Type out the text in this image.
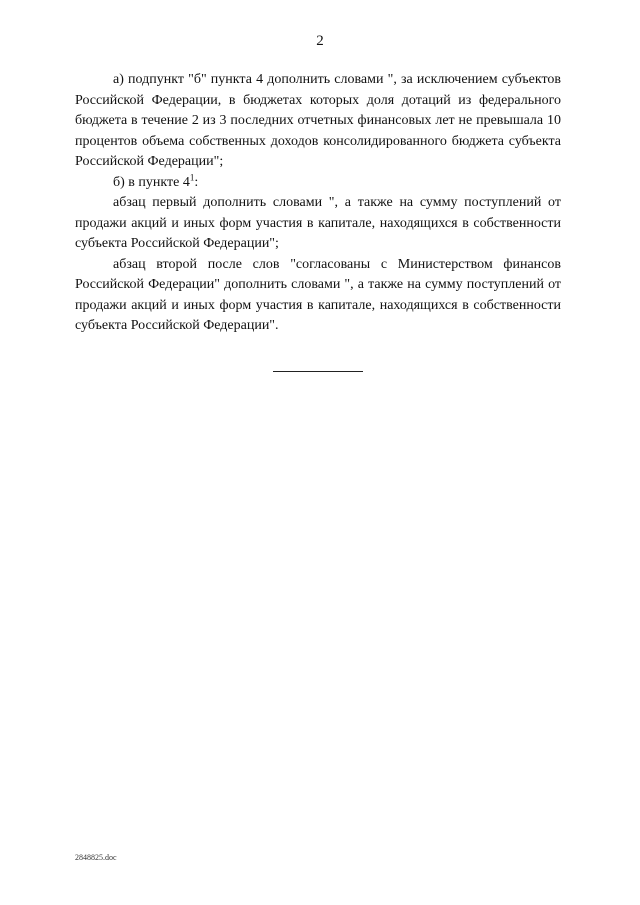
2

а) подпункт "б" пункта 4 дополнить словами ", за исключением субъектов Российской Федерации, в бюджетах которых доля дотаций из федерального бюджета в течение 2 из 3 последних отчетных финансовых лет не превышала 10 процентов объема собственных доходов консолидированного бюджета субъекта Российской Федерации";

б) в пункте $4^1$:

абзац первый дополнить словами ", а также на сумму поступлений от продажи акций и иных форм участия в капитале, находящихся в собственности субъекта Российской Федерации";

абзац второй после слов "согласованы с Министерством финансов Российской Федерации" дополнить словами ", а также на сумму поступлений от продажи акций и иных форм участия в капитале, находящихся в собственности субъекта Российской Федерации".

2848825.doc
